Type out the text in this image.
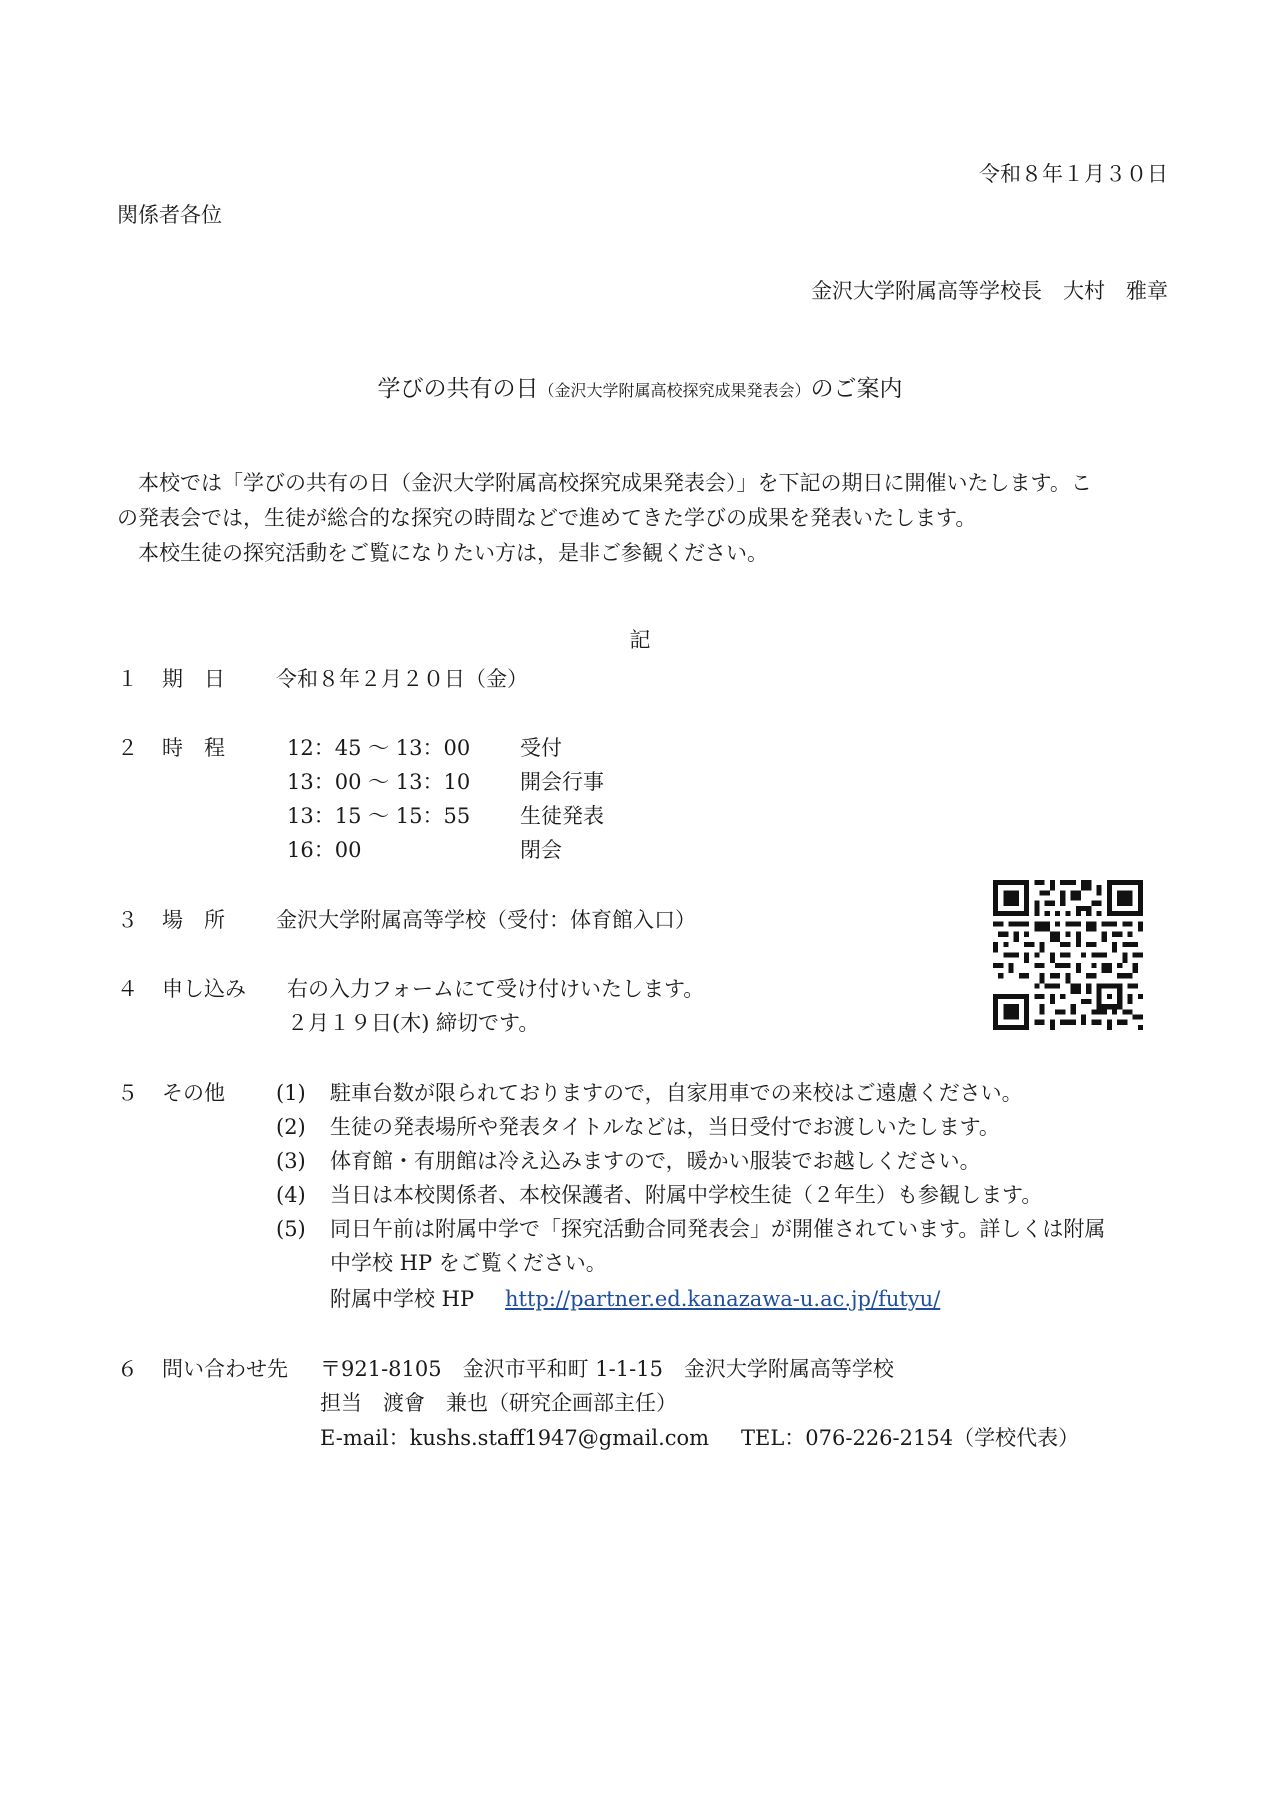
令和８年１月３０日
関係者各位
金沢大学附属高等学校長　大村　雅章
学びの共有の日（金沢大学附属高校探究成果発表会）のご案内

　本校では「学びの共有の日（金沢大学附属高校探究成果発表会）」を下記の期日に開催いたします。こ

の発表会では，生徒が総合的な探究の時間などで進めてきた学びの成果を発表いたします。

　本校生徒の探究活動をご覧になりたい方は，是非ご参観ください。

記
１ 期　日 令和８年２月２０日（金）
２ 時　程	12：45 〜 13：00 受付
13：00 〜 13：10 開会行事
13：15 〜 15：55 生徒発表
16：00	閉会
３ 場　所 金沢大学附属高等学校（受付：体育館入口）
４ 申し込み 右の入力フォームにて受け付けいたします。
２月１９日(木) 締切です。
５ その他 (1) 駐車台数が限られておりますので，自家用車での来校はご遠慮ください。
(2) 生徒の発表場所や発表タイトルなどは，当日受付でお渡しいたします。
(3) 体育館・有朋館は冷え込みますので，暖かい服装でお越しください。
(4) 当日は本校関係者、本校保護者、附属中学校生徒（２年生）も参観します。
(5) 同日午前は附属中学で「探究活動合同発表会」が開催されています。詳しくは附属
中学校 HP をご覧ください。
附属中学校 HP http://partner.ed.kanazawa-u.ac.jp/futyu/
６ 問い合わせ先 〒921-8105　金沢市平和町 1-1-15　金沢大学附属高等学校
担当　渡會　兼也（研究企画部主任）
E-mail：kushs.staff1947@gmail.com TEL：076-226-2154（学校代表）
